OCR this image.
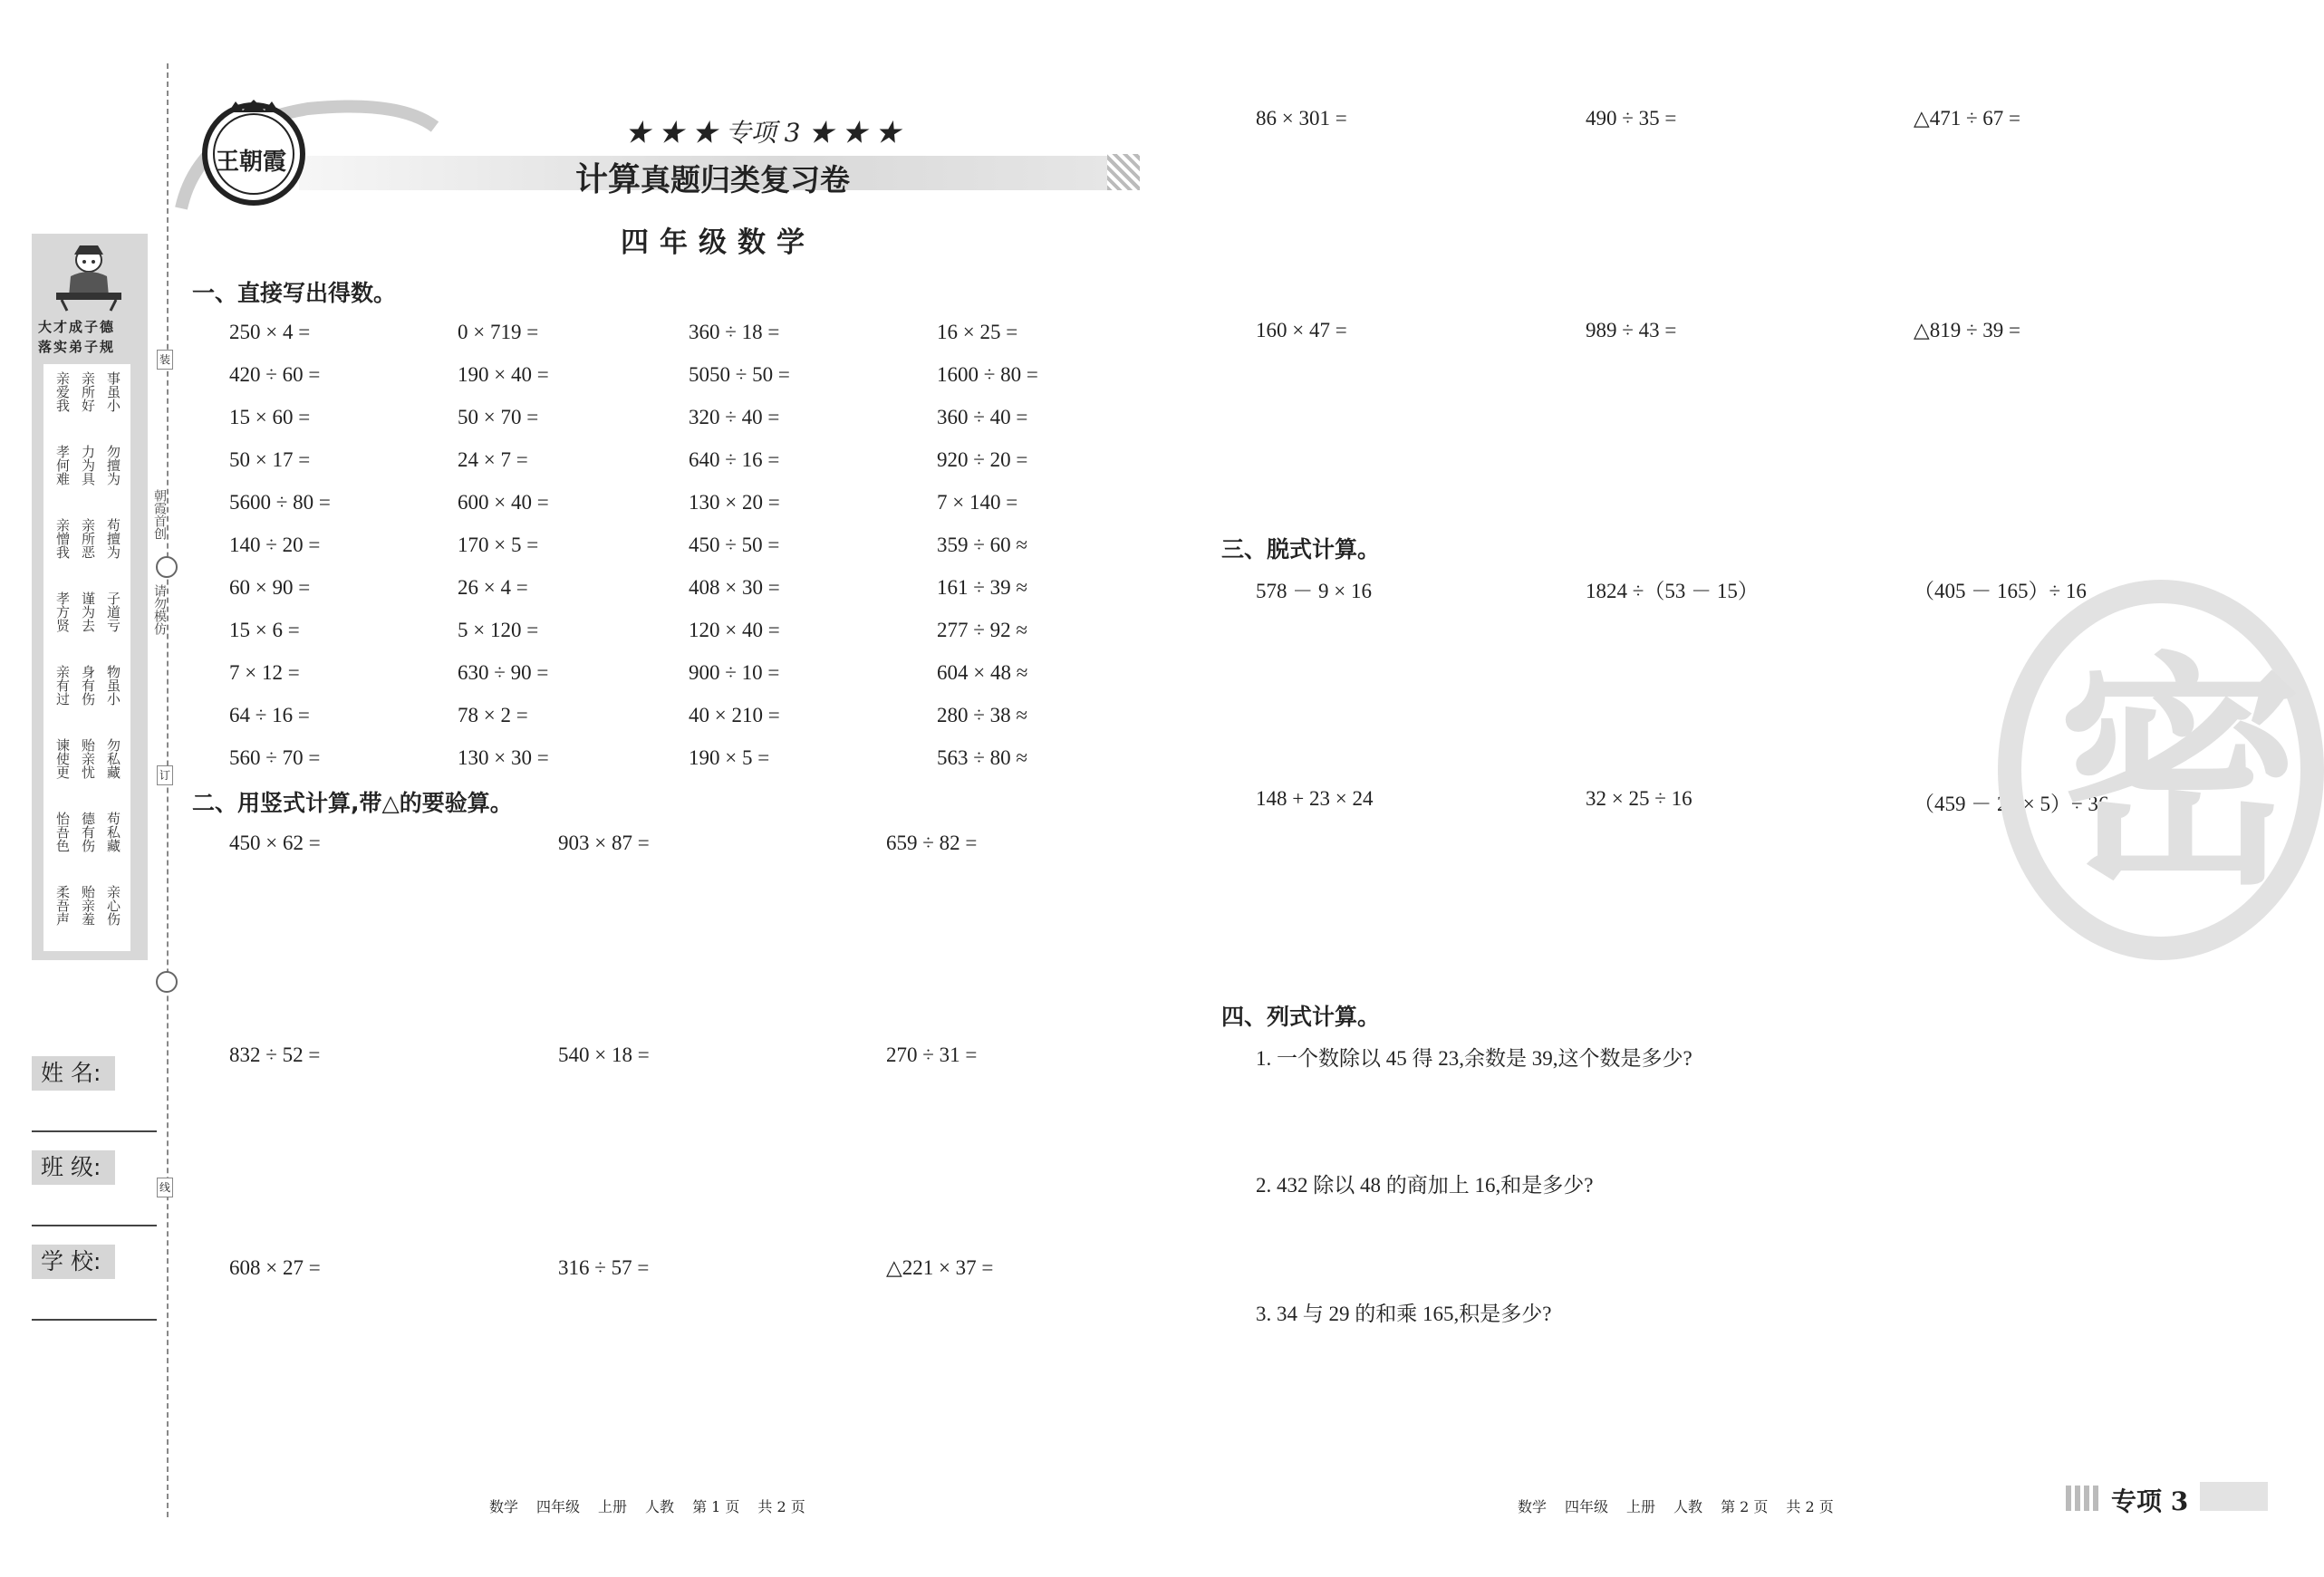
大才成子德
落实弟子规
亲爱我 亲所好 事虽小
孝何难 力为具 勿擅为
亲憎我 亲所恶 苟擅为
孝方贤 谨为去 子道亏
亲有过 身有伤 物虽小
谏使更 贻亲忧 勿私藏
怡吾色 德有伤 苟私藏
柔吾声 贻亲羞 亲心伤
姓 名:
班 级:
学 校:
装
订
线
朝霞首创
请勿模仿
王朝霞
★ ★ ★ 专项 3 ★ ★ ★
计算真题归类复习卷
四年级数学
一、直接写出得数。
250 × 4 =	0 × 719 =	360 ÷ 18 =	16 × 25 =
420 ÷ 60 =	190 × 40 =	5050 ÷ 50 =	1600 ÷ 80 =
15 × 60 =	50 × 70 =	320 ÷ 40 =	360 ÷ 40 =
50 × 17 =	24 × 7 =	640 ÷ 16 =	920 ÷ 20 =
5600 ÷ 80 =	600 × 40 =	130 × 20 =	7 × 140 =
140 ÷ 20 =	170 × 5 =	450 ÷ 50 =	359 ÷ 60 ≈
60 × 90 =	26 × 4 =	408 × 30 =	161 ÷ 39 ≈
15 × 6 =	5 × 120 =	120 × 40 =	277 ÷ 92 ≈
7 × 12 =	630 ÷ 90 =	900 ÷ 10 =	604 × 48 ≈
64 ÷ 16 =	78 × 2 =	40 × 210 =	280 ÷ 38 ≈
560 ÷ 70 =	130 × 30 =	190 × 5 =	563 ÷ 80 ≈
二、用竖式计算,带△的要验算。
450 × 62 =	903 × 87 =	659 ÷ 82 =
832 ÷ 52 =	540 × 18 =	270 ÷ 31 =
608 × 27 =	316 ÷ 57 =	△221 × 37 =
86 × 301 =	490 ÷ 35 =	△471 ÷ 67 =
160 × 47 =	989 ÷ 43 =	△819 ÷ 39 =
三、脱式计算。
578 － 9 × 16	1824 ÷（53 － 15）	（405 － 165）÷ 16
148 + 23 × 24	32 × 25 ÷ 16	（459 － 27 × 5）÷ 36
四、列式计算。
1. 一个数除以 45 得 23,余数是 39,这个数是多少?
2. 432 除以 48 的商加上 16,和是多少?
3. 34 与 29 的和乘 165,积是多少?
密
数学 四年级 上册 人教 第 1 页 共 2 页	数学 四年级 上册 人教 第 2 页 共 2 页	专项 3
